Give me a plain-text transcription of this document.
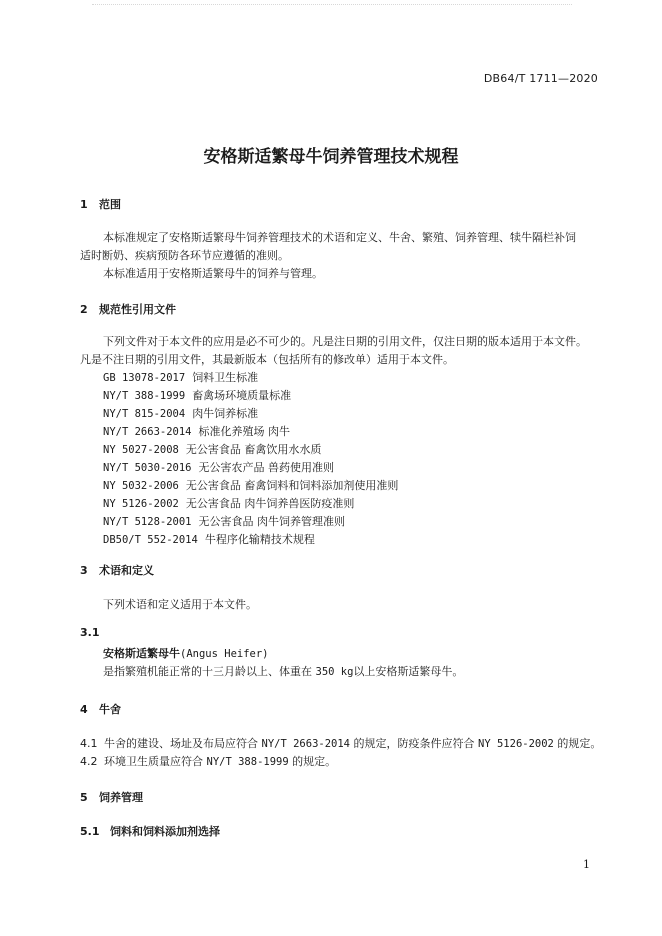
DB64/T 1711—2020
安格斯适繁母牛饲养管理技术规程
1 范围
本标准规定了安格斯适繁母牛饲养管理技术的术语和定义、牛舍、繁殖、饲养管理、犊牛隔栏补饲
适时断奶、疾病预防各环节应遵循的准则。
本标准适用于安格斯适繁母牛的饲养与管理。
2 规范性引用文件
下列文件对于本文件的应用是必不可少的。凡是注日期的引用文件，仅注日期的版本适用于本文件。
凡是不注日期的引用文件，其最新版本（包括所有的修改单）适用于本文件。
GB 13078-2017 饲料卫生标准
NY/T 388-1999 畜禽场环境质量标准
NY/T 815-2004 肉牛饲养标准
NY/T 2663-2014 标准化养殖场 肉牛
NY 5027-2008 无公害食品 畜禽饮用水水质
NY/T 5030-2016 无公害农产品 兽药使用准则
NY 5032-2006 无公害食品 畜禽饲料和饲料添加剂使用准则
NY 5126-2002 无公害食品 肉牛饲养兽医防疫准则
NY/T 5128-2001 无公害食品 肉牛饲养管理准则
DB50/T 552-2014 牛程序化输精技术规程
3 术语和定义
下列术语和定义适用于本文件。
3.1
安格斯适繁母牛(Angus Heifer)
是指繁殖机能正常的十三月龄以上、体重在 350 kg以上安格斯适繁母牛。
4 牛舍
4.1 牛舍的建设、场址及布局应符合 NY/T 2663-2014 的规定，防疫条件应符合 NY 5126-2002 的规定。
4.2 环境卫生质量应符合 NY/T 388-1999 的规定。
5 饲养管理
5.1 饲料和饲料添加剂选择
1
